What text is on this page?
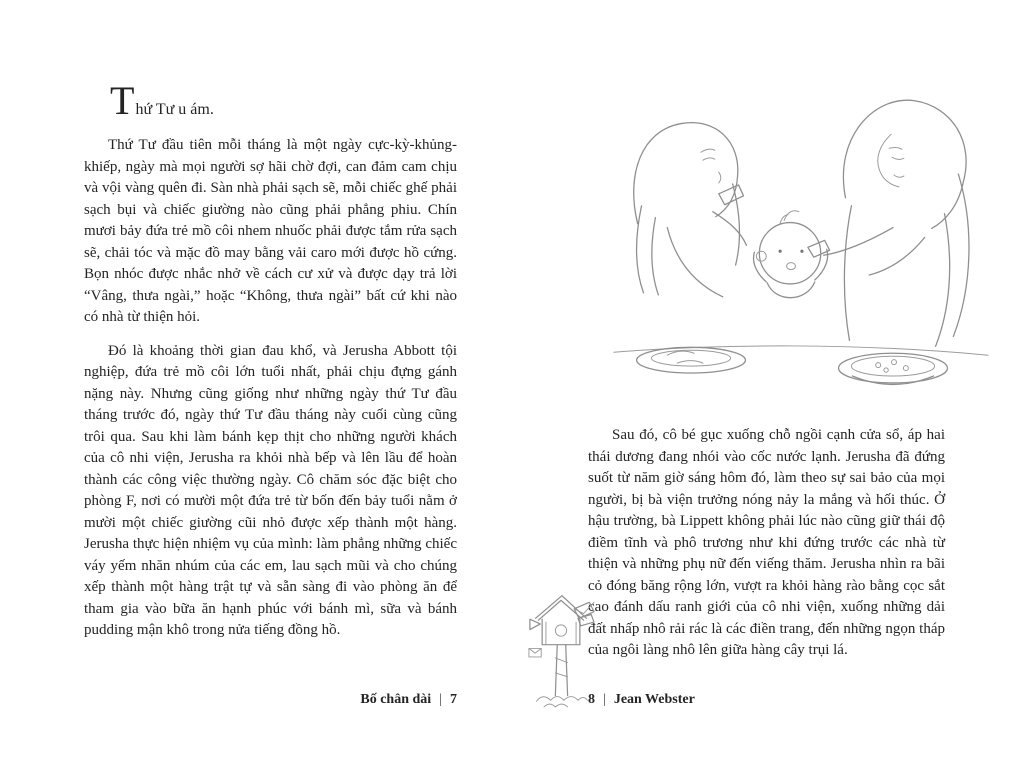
Thứ Tư u ám.

Thứ Tư đầu tiên mỗi tháng là một ngày cực-kỳ-khủng-khiếp, ngày mà mọi người sợ hãi chờ đợi, can đảm cam chịu và vội vàng quên đi. Sàn nhà phải sạch sẽ, mỗi chiếc ghế phải sạch bụi và chiếc giường nào cũng phải phẳng phiu. Chín mươi bảy đứa trẻ mồ côi nhem nhuốc phải được tắm rửa sạch sẽ, chải tóc và mặc đồ may bằng vải caro mới được hồ cứng. Bọn nhóc được nhắc nhở về cách cư xử và được dạy trả lời “Vâng, thưa ngài,” hoặc “Không, thưa ngài” bất cứ khi nào có nhà từ thiện hỏi.

Đó là khoảng thời gian đau khổ, và Jerusha Abbott tội nghiệp, đứa trẻ mồ côi lớn tuổi nhất, phải chịu đựng gánh nặng này. Nhưng cũng giống như những ngày thứ Tư đầu tháng trước đó, ngày thứ Tư đầu tháng này cuối cùng cũng trôi qua. Sau khi làm bánh kẹp thịt cho những người khách của cô nhi viện, Jerusha ra khỏi nhà bếp và lên lầu để hoàn thành các công việc thường ngày. Cô chăm sóc đặc biệt cho phòng F, nơi có mười một đứa trẻ từ bốn đến bảy tuổi nằm ở mười một chiếc giường cũi nhỏ được xếp thành một hàng. Jerusha thực hiện nhiệm vụ của mình: làm phẳng những chiếc váy yếm nhăn nhúm của các em, lau sạch mũi và cho chúng xếp thành một hàng trật tự và sẵn sàng đi vào phòng ăn để tham gia vào bữa ăn hạnh phúc với bánh mì, sữa và bánh pudding mận khô trong nửa tiếng đồng hồ.

Bố chân dài | 7

Sau đó, cô bé gục xuống chỗ ngồi cạnh cửa sổ, áp hai thái dương đang nhói vào cốc nước lạnh. Jerusha đã đứng suốt từ năm giờ sáng hôm đó, làm theo sự sai bảo của mọi người, bị bà viện trưởng nóng nảy la mắng và hối thúc. Ở hậu trường, bà Lippett không phải lúc nào cũng giữ thái độ điềm tĩnh và phô trương như khi đứng trước các nhà từ thiện và những phụ nữ đến viếng thăm. Jerusha nhìn ra bãi cỏ đóng băng rộng lớn, vượt ra khỏi hàng rào bằng cọc sắt cao đánh dấu ranh giới của cô nhi viện, xuống những dải đất nhấp nhô rải rác là các điền trang, đến những ngọn tháp của ngôi làng nhô lên giữa hàng cây trụi lá.

8 | Jean Webster
